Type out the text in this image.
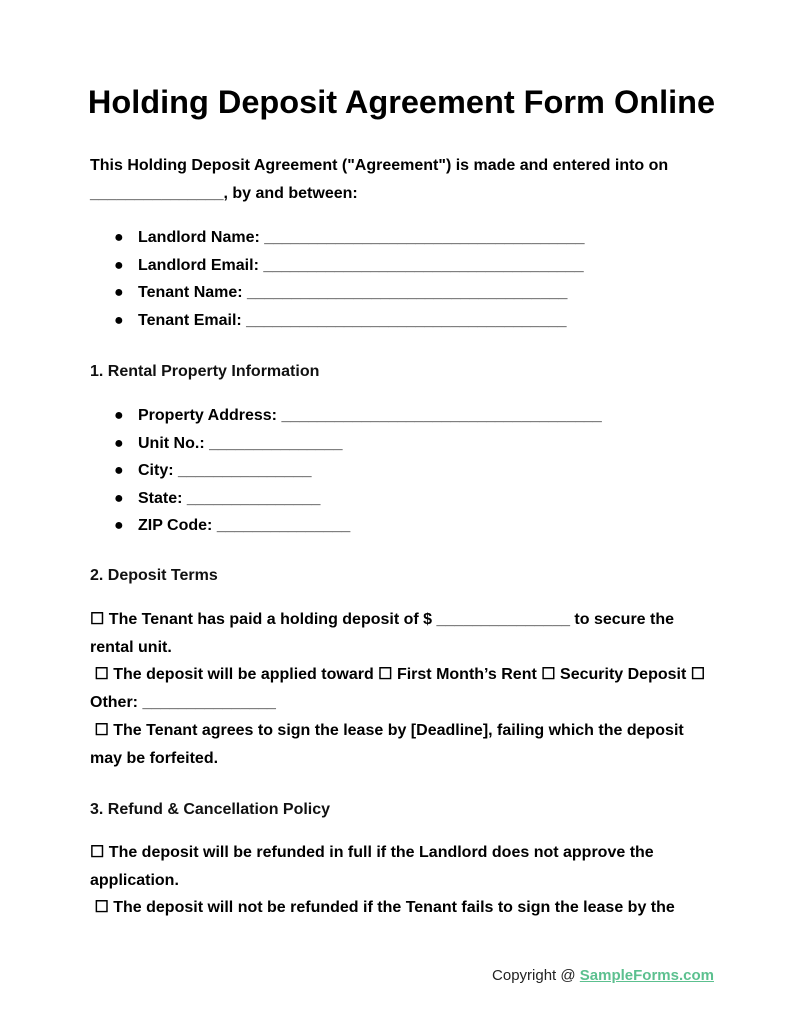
Holding Deposit Agreement Form Online

This Holding Deposit Agreement ("Agreement") is made and entered into on _______________, by and between:

● Landlord Name: ____________________________________
● Landlord Email: ____________________________________
● Tenant Name: ____________________________________
● Tenant Email: ____________________________________

1. Rental Property Information

● Property Address: ____________________________________
● Unit No.: _______________
● City: _______________
● State: _______________
● ZIP Code: _______________

2. Deposit Terms

☐ The Tenant has paid a holding deposit of $ _______________ to secure the rental unit.
☐ The deposit will be applied toward ☐ First Month’s Rent ☐ Security Deposit ☐ Other: _______________
☐ The Tenant agrees to sign the lease by [Deadline], failing which the deposit may be forfeited.

3. Refund & Cancellation Policy

☐ The deposit will be refunded in full if the Landlord does not approve the application.
☐ The deposit will not be refunded if the Tenant fails to sign the lease by the
Copyright @ SampleForms.com
